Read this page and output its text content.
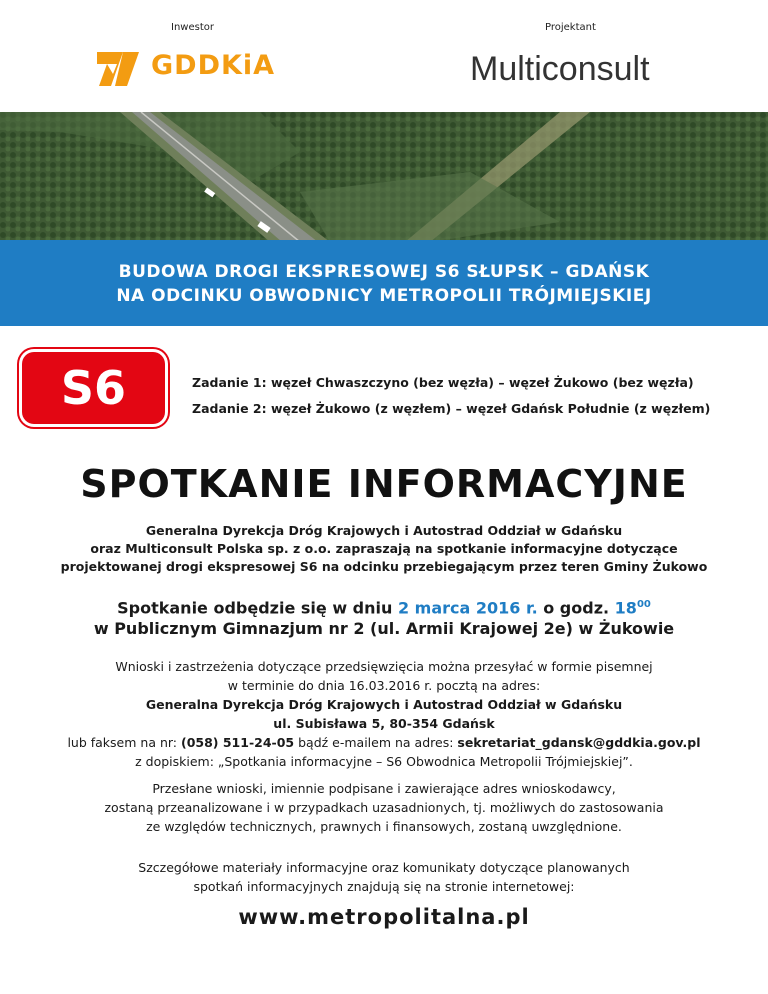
Inwestor	Projektant
GDDKiA	Multiconsult
BUDOWA DROGI EKSPRESOWEJ S6 SŁUPSK – GDAŃSK
NA ODCINKU OBWODNICY METROPOLII TRÓJMIEJSKIEJ
S6	Zadanie 1: węzeł Chwaszczyno (bez węzła) – węzeł Żukowo (bez węzła)
Zadanie 2: węzeł Żukowo (z węzłem) – węzeł Gdańsk Południe (z węzłem)
SPOTKANIE INFORMACYJNE
Generalna Dyrekcja Dróg Krajowych i Autostrad Oddział w Gdańsku
oraz Multiconsult Polska sp. z o.o. zapraszają na spotkanie informacyjne dotyczące
projektowanej drogi ekspresowej S6 na odcinku przebiegającym przez teren Gminy Żukowo
Spotkanie odbędzie się w dniu 2 marca 2016 r. o godz. $18^{00}$
w Publicznym Gimnazjum nr 2 (ul. Armii Krajowej 2e) w Żukowie
Wnioski i zastrzeżenia dotyczące przedsięwzięcia można przesyłać w formie pisemnej
w terminie do dnia 16.03.2016 r. pocztą na adres:
Generalna Dyrekcja Dróg Krajowych i Autostrad Oddział w Gdańsku
ul. Subisława 5, 80-354 Gdańsk
lub faksem na nr: (058) 511-24-05 bądź e-mailem na adres: sekretariat_gdansk@gddkia.gov.pl
z dopiskiem: „Spotkania informacyjne – S6 Obwodnica Metropolii Trójmiejskiej”.
Przesłane wnioski, imiennie podpisane i zawierające adres wnioskodawcy,
zostaną przeanalizowane i w przypadkach uzasadnionych, tj. możliwych do zastosowania
ze względów technicznych, prawnych i finansowych, zostaną uwzględnione.
Szczegółowe materiały informacyjne oraz komunikaty dotyczące planowanych
spotkań informacyjnych znajdują się na stronie internetowej:
www.metropolitalna.pl
